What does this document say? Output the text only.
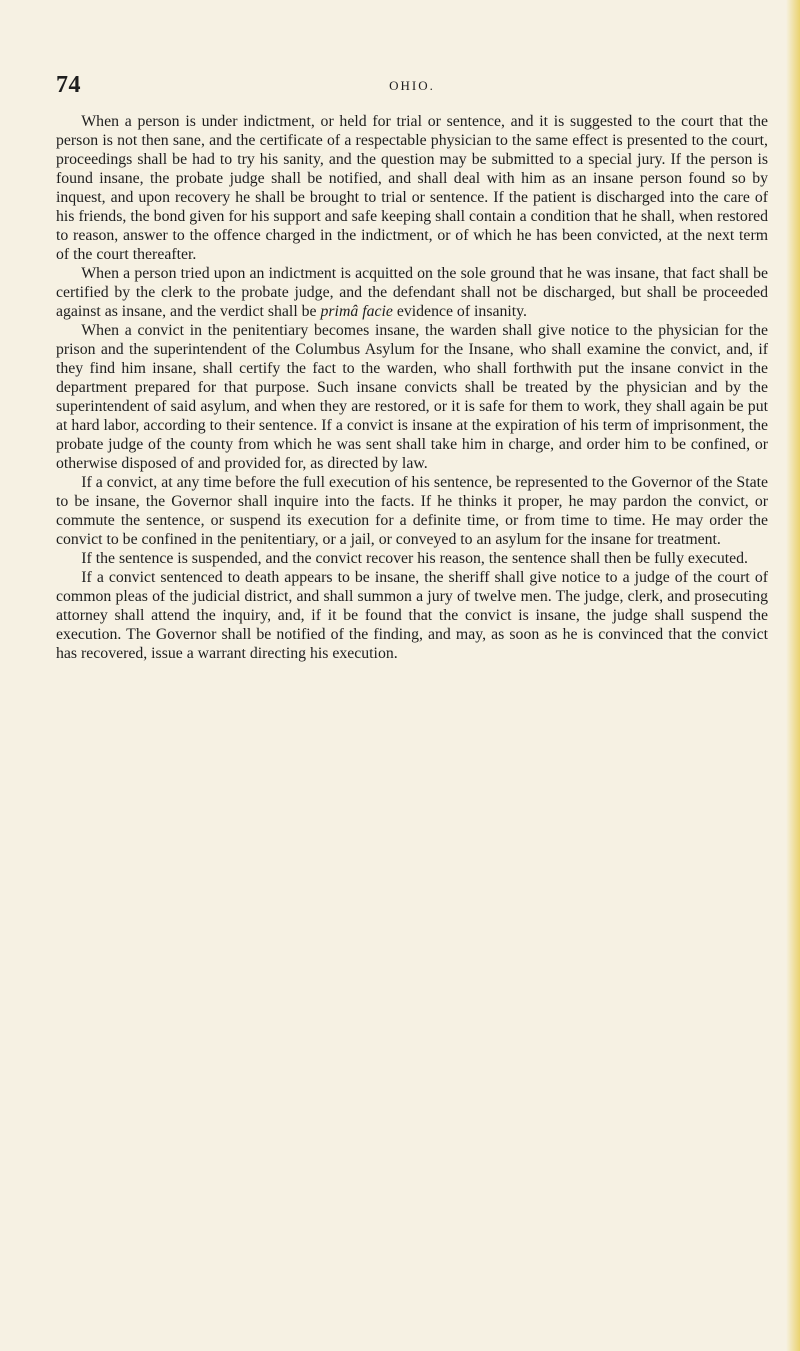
74	OHIO.

When a person is under indictment, or held for trial or sentence, and it is suggested to the court that the person is not then sane, and the certificate of a respectable physician to the same effect is presented to the court, proceedings shall be had to try his sanity, and the question may be submitted to a special jury. If the person is found insane, the probate judge shall be notified, and shall deal with him as an insane person found so by inquest, and upon recovery he shall be brought to trial or sentence. If the patient is discharged into the care of his friends, the bond given for his support and safe keeping shall contain a condition that he shall, when restored to reason, answer to the offence charged in the indictment, or of which he has been convicted, at the next term of the court thereafter.

When a person tried upon an indictment is acquitted on the sole ground that he was insane, that fact shall be certified by the clerk to the probate judge, and the defendant shall not be discharged, but shall be proceeded against as insane, and the verdict shall be primâ facie evidence of insanity.

When a convict in the penitentiary becomes insane, the warden shall give notice to the physician for the prison and the superintendent of the Columbus Asylum for the Insane, who shall examine the convict, and, if they find him insane, shall certify the fact to the warden, who shall forthwith put the insane convict in the department prepared for that purpose. Such insane convicts shall be treated by the physician and by the superintendent of said asylum, and when they are restored, or it is safe for them to work, they shall again be put at hard labor, according to their sentence. If a convict is insane at the expiration of his term of imprisonment, the probate judge of the county from which he was sent shall take him in charge, and order him to be confined, or otherwise disposed of and provided for, as directed by law.

If a convict, at any time before the full execution of his sentence, be represented to the Governor of the State to be insane, the Governor shall inquire into the facts. If he thinks it proper, he may pardon the convict, or commute the sentence, or suspend its execution for a definite time, or from time to time. He may order the convict to be confined in the penitentiary, or a jail, or conveyed to an asylum for the insane for treatment.

If the sentence is suspended, and the convict recover his reason, the sentence shall then be fully executed.

If a convict sentenced to death appears to be insane, the sheriff shall give notice to a judge of the court of common pleas of the judicial district, and shall summon a jury of twelve men. The judge, clerk, and prosecuting attorney shall attend the inquiry, and, if it be found that the convict is insane, the judge shall suspend the execution. The Governor shall be notified of the finding, and may, as soon as he is convinced that the convict has recovered, issue a warrant directing his execution.
